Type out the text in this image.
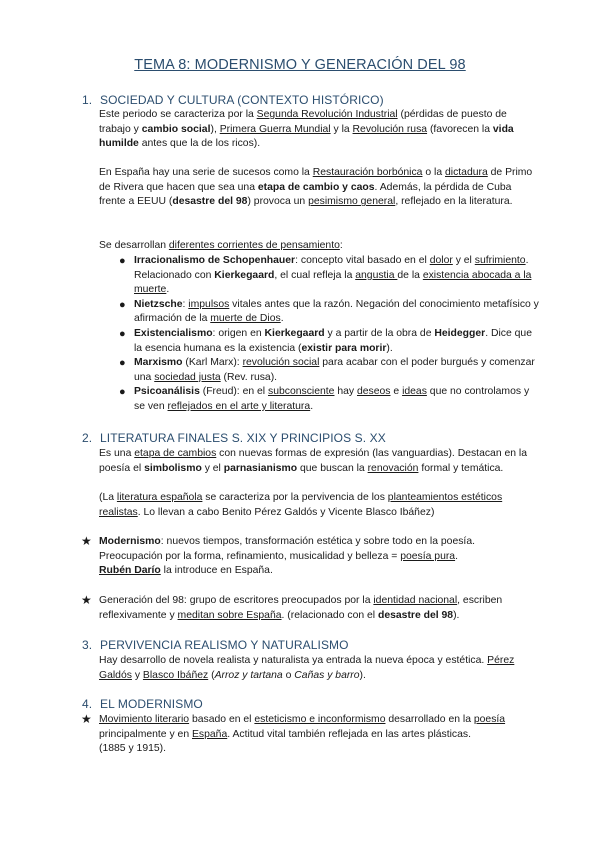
TEMA 8: MODERNISMO Y GENERACIÓN DEL 98
1. SOCIEDAD Y CULTURA (CONTEXTO HISTÓRICO)
Este periodo se caracteriza por la Segunda Revolución Industrial (pérdidas de puesto de trabajo y cambio social), Primera Guerra Mundial y la Revolución rusa (favorecen la vida humilde antes que la de los ricos).
En España hay una serie de sucesos como la Restauración borbónica o la dictadura de Primo de Rivera que hacen que sea una etapa de cambio y caos. Además, la pérdida de Cuba frente a EEUU (desastre del 98) provoca un pesimismo general, reflejado en la literatura.
Se desarrollan diferentes corrientes de pensamiento:
● Irracionalismo de Schopenhauer: concepto vital basado en el dolor y el sufrimiento. Relacionado con Kierkegaard, el cual refleja la angustia de la existencia abocada a la muerte.
● Nietzsche: impulsos vitales antes que la razón. Negación del conocimiento metafísico y afirmación de la muerte de Dios.
● Existencialismo: origen en Kierkegaard y a partir de la obra de Heidegger. Dice que la esencia humana es la existencia (existir para morir).
● Marxismo (Karl Marx): revolución social para acabar con el poder burgués y comenzar una sociedad justa (Rev. rusa).
● Psicoanálisis (Freud): en el subconsciente hay deseos e ideas que no controlamos y se ven reflejados en el arte y literatura.
2. LITERATURA FINALES S. XIX Y PRINCIPIOS S. XX
Es una etapa de cambios con nuevas formas de expresión (las vanguardias). Destacan en la poesía el simbolismo y el parnasianismo que buscan la renovación formal y temática.
(La literatura española se caracteriza por la pervivencia de los planteamientos estéticos realistas. Lo llevan a cabo Benito Pérez Galdós y Vicente Blasco Ibáñez)
★ Modernismo: nuevos tiempos, transformación estética y sobre todo en la poesía. Preocupación por la forma, refinamiento, musicalidad y belleza = poesía pura.
Rubén Darío la introduce en España.
★ Generación del 98: grupo de escritores preocupados por la identidad nacional, escriben reflexivamente y meditan sobre España. (relacionado con el desastre del 98).
3. PERVIVENCIA REALISMO Y NATURALISMO
Hay desarrollo de novela realista y naturalista ya entrada la nueva época y estética. Pérez Galdós y Blasco Ibáñez (Arroz y tartana o Cañas y barro).
4. EL MODERNISMO
★ Movimiento literario basado en el esteticismo e inconformismo desarrollado en la poesía principalmente y en España. Actitud vital también reflejada en las artes plásticas.
(1885 y 1915).
